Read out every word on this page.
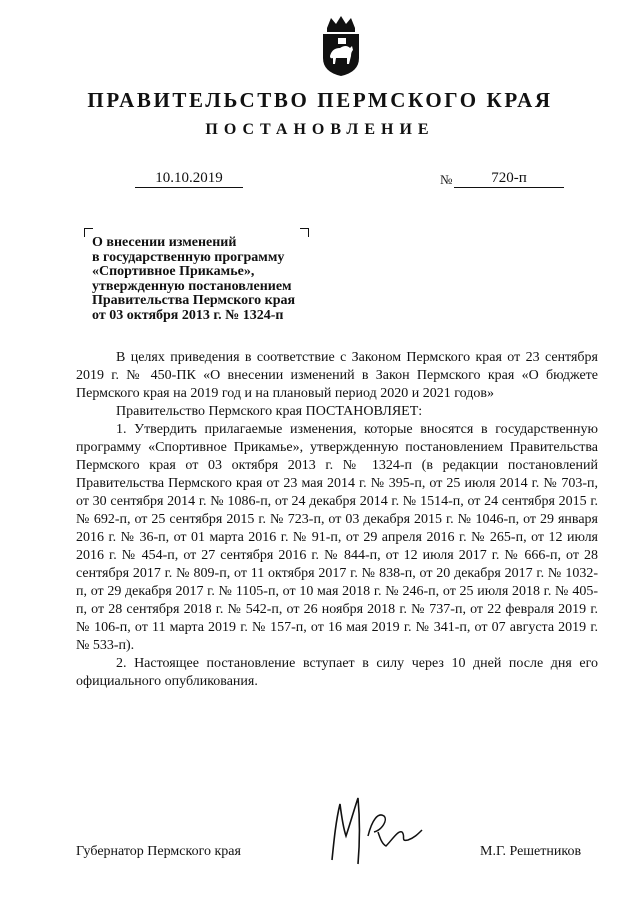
ПРАВИТЕЛЬСТВО ПЕРМСКОГО КРАЯ
ПОСТАНОВЛЕНИЕ
10.10.2019	№	720-п
О внесении изменений
в государственную программу
«Спортивное Прикамье»,
утвержденную постановлением
Правительства Пермского края
от 03 октября 2013 г. № 1324-п

В целях приведения в соответствие с Законом Пермского края от 23 сентября 2019 г. № 450-ПК «О внесении изменений в Закон Пермского края «О бюджете Пермского края на 2019 год и на плановый период 2020 и 2021 годов»

Правительство Пермского края ПОСТАНОВЛЯЕТ:

1. Утвердить прилагаемые изменения, которые вносятся в государственную программу «Спортивное Прикамье», утвержденную постановлением Правительства Пермского края от 03 октября 2013 г. № 1324-п (в редакции постановлений Правительства Пермского края от 23 мая 2014 г. № 395-п, от 25 июля 2014 г. № 703-п, от 30 сентября 2014 г. № 1086-п, от 24 декабря 2014 г. № 1514-п, от 24 сентября 2015 г. № 692-п, от 25 сентября 2015 г. № 723-п, от 03 декабря 2015 г. № 1046-п, от 29 января 2016 г. № 36-п, от 01 марта 2016 г. № 91-п, от 29 апреля 2016 г. № 265-п, от 12 июля 2016 г. № 454-п, от 27 сентября 2016 г. № 844-п, от 12 июля 2017 г. № 666-п, от 28 сентября 2017 г. № 809-п, от 11 октября 2017 г. № 838-п, от 20 декабря 2017 г. № 1032-п, от 29 декабря 2017 г. № 1105-п, от 10 мая 2018 г. № 246-п, от 25 июля 2018 г. № 405-п, от 28 сентября 2018 г. № 542-п, от 26 ноября 2018 г. № 737-п, от 22 февраля 2019 г. № 106-п, от 11 марта 2019 г. № 157-п, от 16 мая 2019 г. № 341-п, от 07 августа 2019 г. № 533-п).

2. Настоящее постановление вступает в силу через 10 дней после дня его официального опубликования.

Губернатор Пермского края	М.Г. Решетников
